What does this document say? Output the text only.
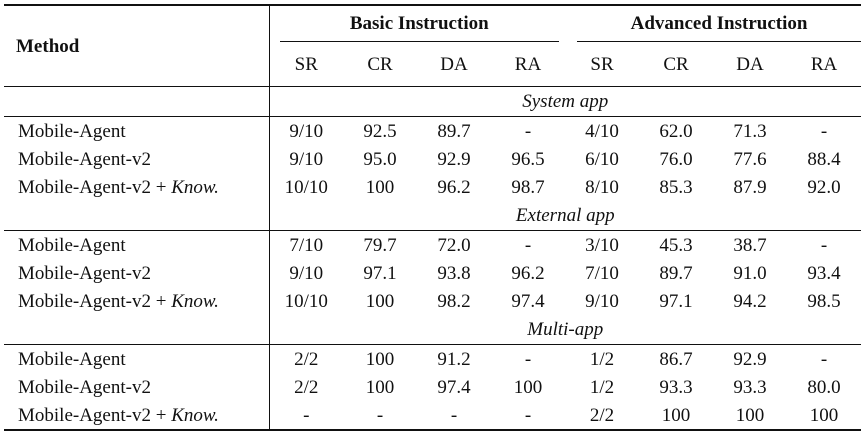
Method	Basic Instruction				Advanced Instruction			

	SR	CR	DA	RA	SR	CR	DA	RA
	System app							
Mobile-Agent	9/10	92.5	89.7	-	4/10	62.0	71.3	-
Mobile-Agent-v2	9/10	95.0	92.9	96.5	6/10	76.0	77.6	88.4
Mobile-Agent-v2 + Know.	10/10	100	96.2	98.7	8/10	85.3	87.9	92.0
	External app							
Mobile-Agent	7/10	79.7	72.0	-	3/10	45.3	38.7	-
Mobile-Agent-v2	9/10	97.1	93.8	96.2	7/10	89.7	91.0	93.4
Mobile-Agent-v2 + Know.	10/10	100	98.2	97.4	9/10	97.1	94.2	98.5
	Multi-app							
Mobile-Agent	2/2	100	91.2	-	1/2	86.7	92.9	-
Mobile-Agent-v2	2/2	100	97.4	100	1/2	93.3	93.3	80.0
Mobile-Agent-v2 + Know.	-	-	-	-	2/2	100	100	100
